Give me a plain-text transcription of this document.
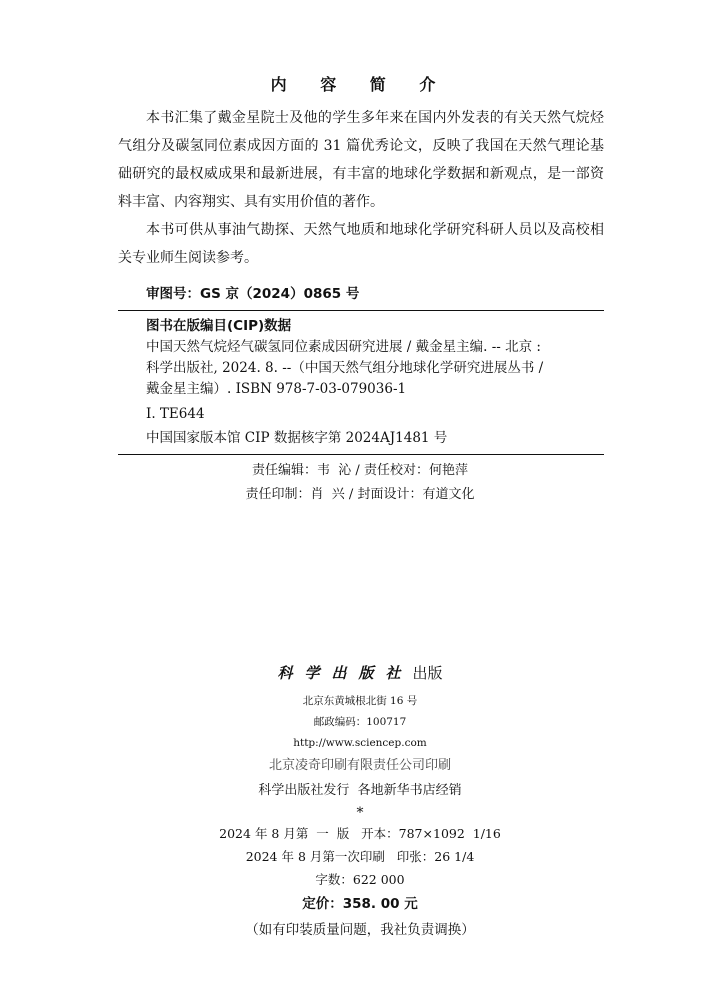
内 容 简 介

本书汇集了戴金星院士及他的学生多年来在国内外发表的有关天然气烷烃气组分及碳氢同位素成因方面的 31 篇优秀论文，反映了我国在天然气理论基础研究的最权威成果和最新进展，有丰富的地球化学数据和新观点，是一部资料丰富、内容翔实、具有实用价值的著作。

本书可供从事油气勘探、天然气地质和地球化学研究科研人员以及高校相关专业师生阅读参考。

审图号：GS 京（2024）0865 号
图书在版编目(CIP)数据
中国天然气烷烃气碳氢同位素成因研究进展 / 戴金星主编. -- 北京 :
科学出版社, 2024. 8. --（中国天然气组分地球化学研究进展丛书 /
戴金星主编）. ISBN 978-7-03-079036-1
Ⅰ. TE644
中国国家版本馆 CIP 数据核字第 2024AJ1481 号
责任编辑：韦  沁 / 责任校对：何艳萍
责任印制：肖  兴 / 封面设计：有道文化
科学出版社出版
北京东黄城根北街 16 号
邮政编码：100717
http://www.sciencep.com
北京凌奇印刷有限责任公司印刷
科学出版社发行  各地新华书店经销
*
2024 年 8 月第  一  版   开本：787×1092  1/16
2024 年 8 月第一次印刷   印张：26 1/4
字数：622 000
定价：358. 00 元
（如有印装质量问题，我社负责调换）
